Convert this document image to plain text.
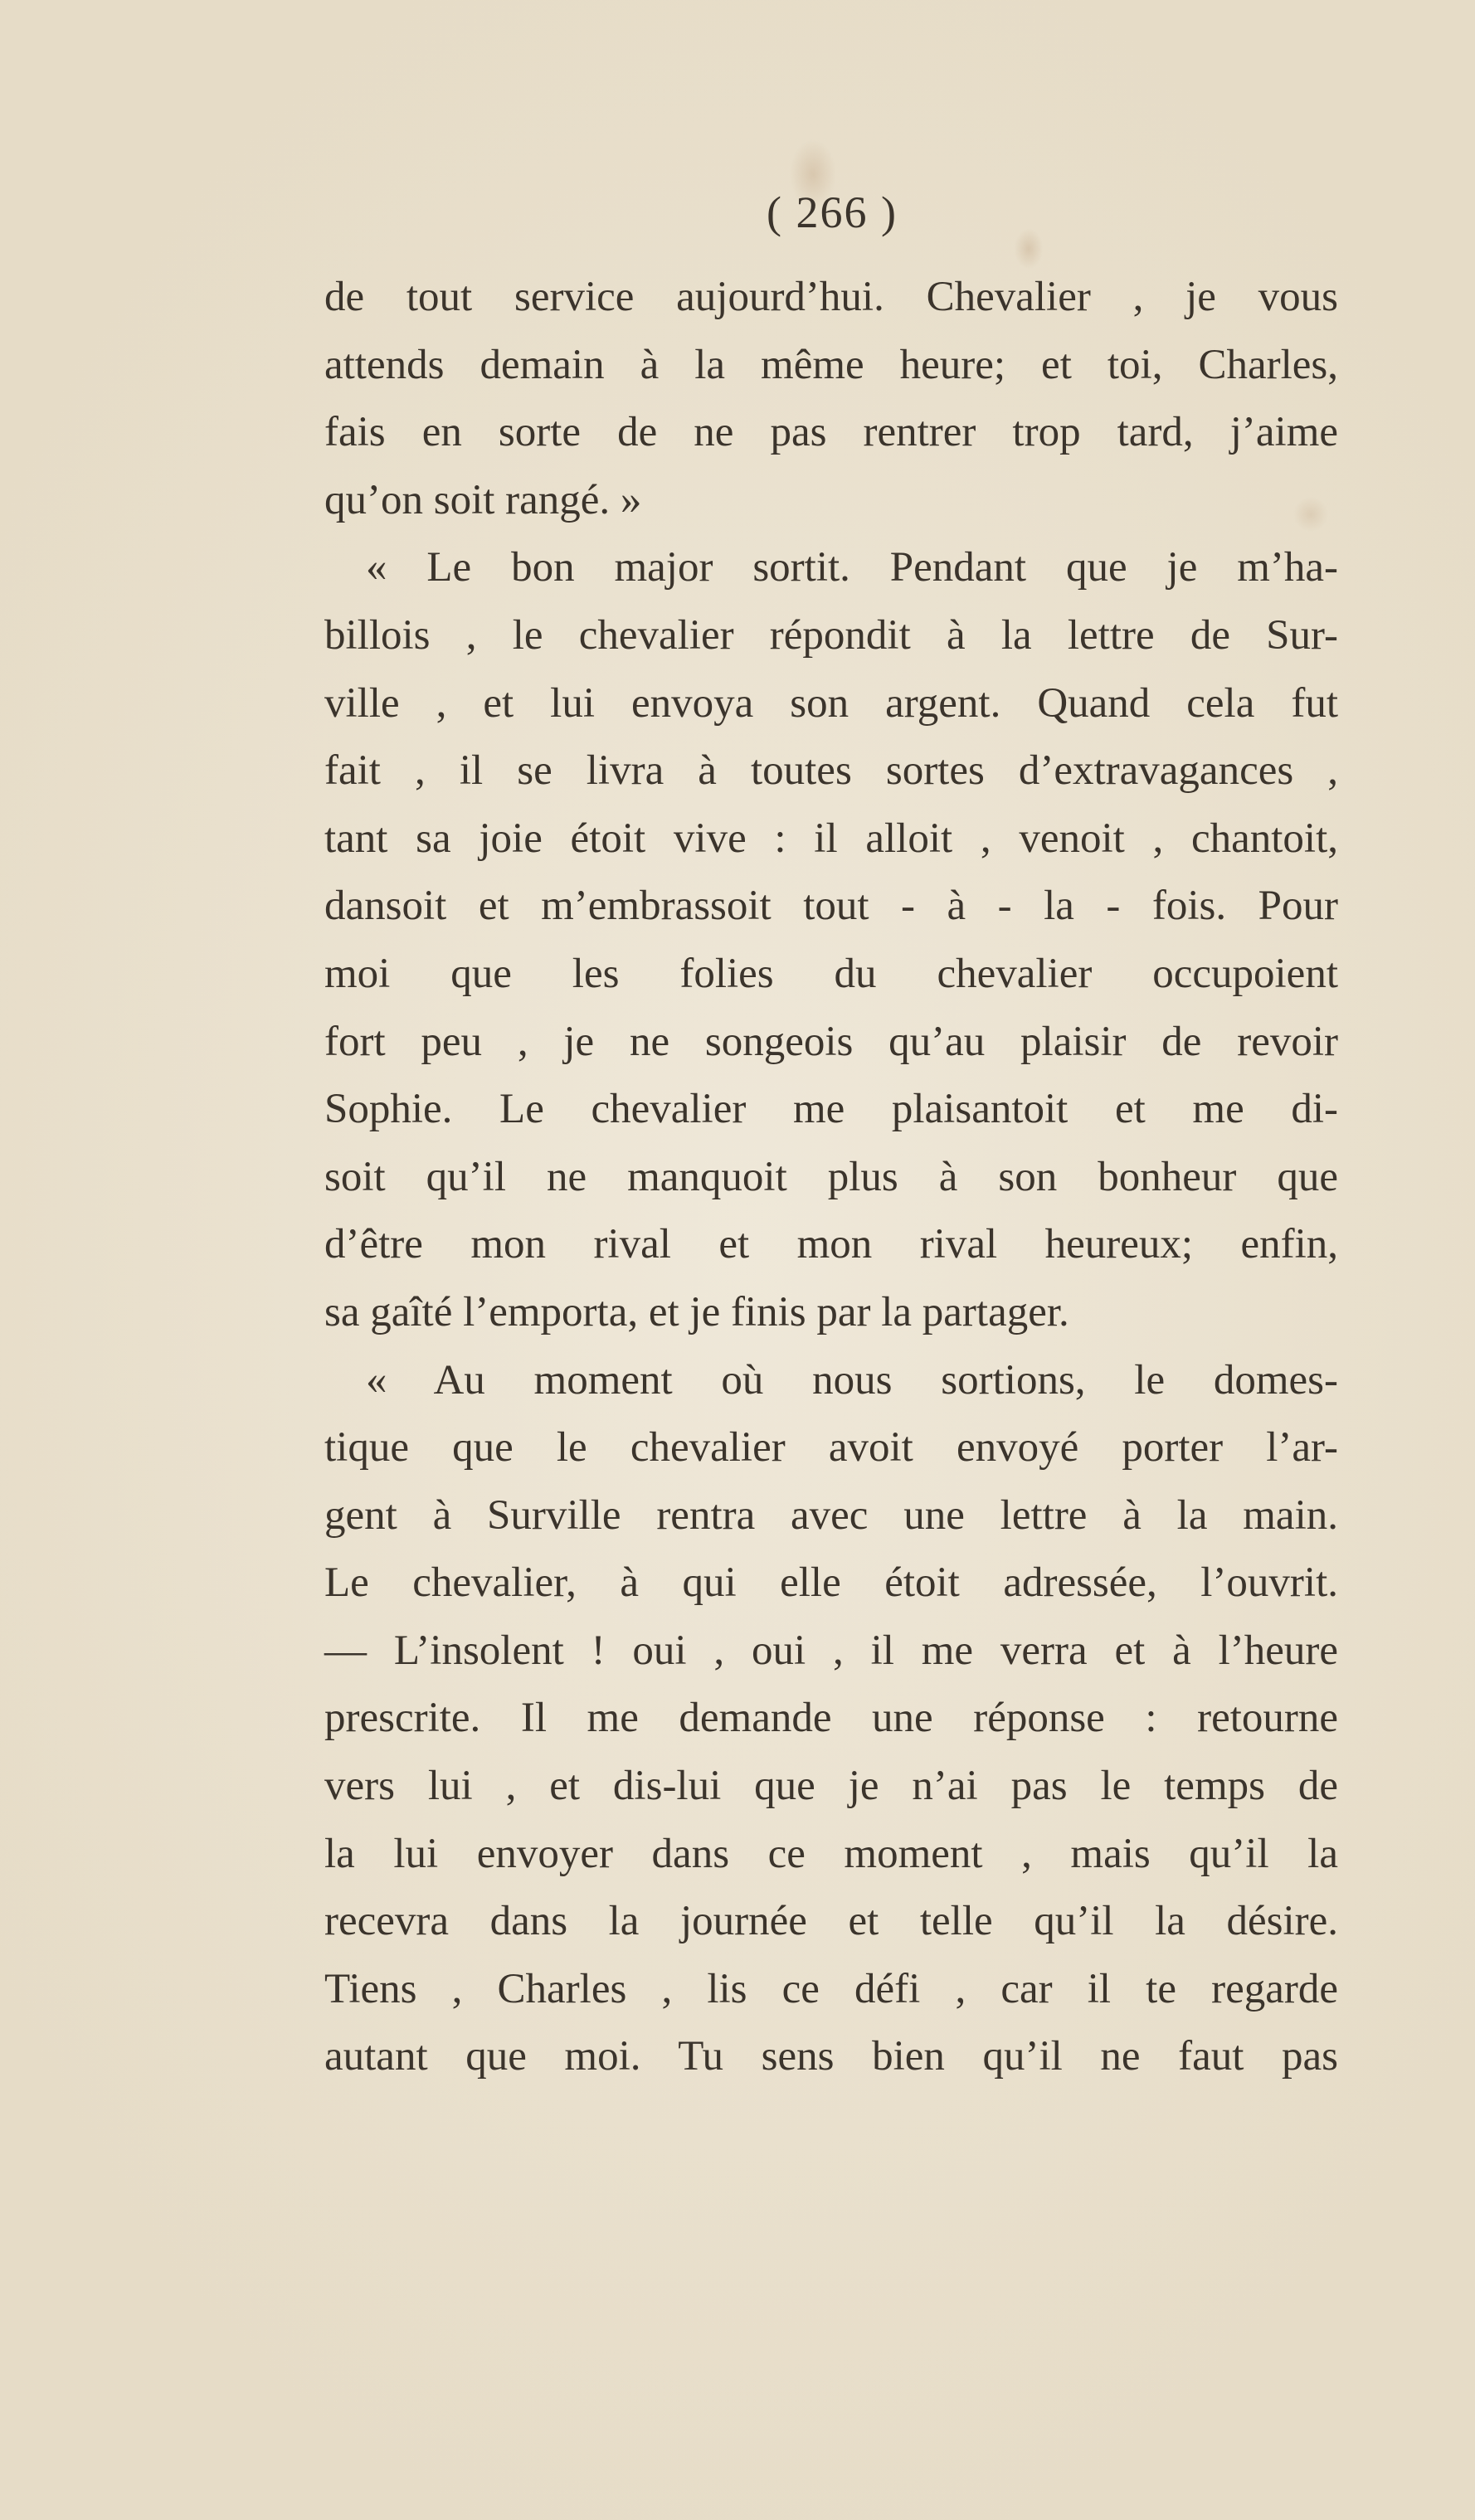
( 266 )
de tout service aujourd’hui. Chevalier , je vous
attends demain à la même heure; et toi, Charles,
fais en sorte de ne pas rentrer trop tard, j’aime
qu’on soit rangé. »
« Le bon major sortit. Pendant que je m’ha-
billois , le chevalier répondit à la lettre de Sur-
ville , et lui envoya son argent. Quand cela fut
fait , il se livra à toutes sortes d’extravagances ,
tant sa joie étoit vive : il alloit , venoit , chantoit,
dansoit et m’embrassoit tout - à - la - fois. Pour
moi que les folies du chevalier occupoient
fort peu , je ne songeois qu’au plaisir de revoir
Sophie. Le chevalier me plaisantoit et me di-
soit qu’il ne manquoit plus à son bonheur que
d’être mon rival et mon rival heureux; enfin,
sa gaîté l’emporta, et je finis par la partager.
« Au moment où nous sortions, le domes-
tique que le chevalier avoit envoyé porter l’ar-
gent à Surville rentra avec une lettre à la main.
Le chevalier, à qui elle étoit adressée, l’ouvrit.
— L’insolent ! oui , oui , il me verra et à l’heure
prescrite. Il me demande une réponse : retourne
vers lui , et dis-lui que je n’ai pas le temps de
la lui envoyer dans ce moment , mais qu’il la
recevra dans la journée et telle qu’il la désire.
Tiens , Charles , lis ce défi , car il te regarde
autant que moi. Tu sens bien qu’il ne faut pas
